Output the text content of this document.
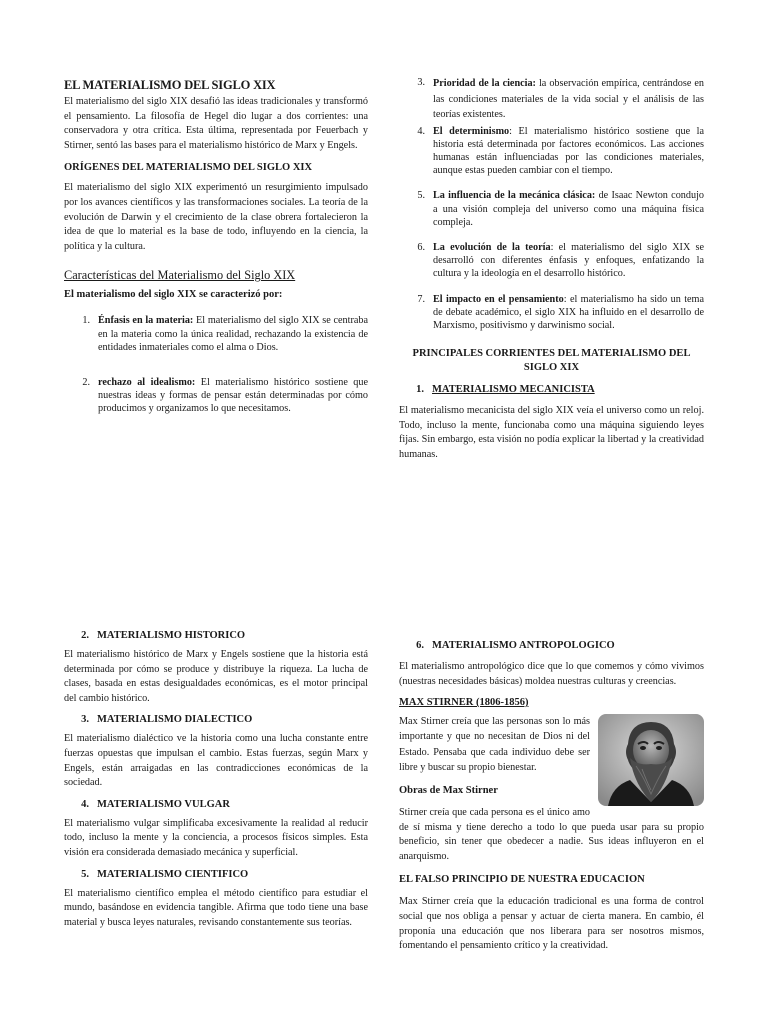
EL MATERIALISMO DEL SIGLO XIX

El materialismo del siglo XIX desafió las ideas tradicionales y transformó el pensamiento. La filosofía de Hegel dio lugar a dos corrientes: una conservadora y otra crítica. Esta última, representada por Feuerbach y Stirner, sentó las bases para el materialismo histórico de Marx y Engels.

ORÍGENES DEL MATERIALISMO DEL SIGLO XIX

El materialismo del siglo XIX experimentó un resurgimiento impulsado por los avances científicos y las transformaciones sociales. La teoría de la evolución de Darwin y el crecimiento de la clase obrera fortalecieron la idea de que lo material es la base de todo, influyendo en la ciencia, la política y la cultura.

Características del Materialismo del Siglo XIX
El materialismo del siglo XIX se caracterizó por:
1. Énfasis en la materia: El materialismo del siglo XIX se centraba en la materia como la única realidad, rechazando la existencia de entidades inmateriales como el alma o Dios.
2. rechazo al idealismo: El materialismo histórico sostiene que nuestras ideas y formas de pensar están determinadas por cómo producimos y organizamos lo que necesitamos.
3. Prioridad de la ciencia: la observación empírica, centrándose en las condiciones materiales de la vida social y el análisis de las teorías existentes.
4. El determinismo: El materialismo histórico sostiene que la historia está determinada por factores económicos. Las acciones humanas están influenciadas por las condiciones materiales, aunque estas pueden cambiar con el tiempo.
5. La influencia de la mecánica clásica: de Isaac Newton condujo a una visión compleja del universo como una máquina física compleja.
6. La evolución de la teoría: el materialismo del siglo XIX se desarrolló con diferentes énfasis y enfoques, enfatizando la cultura y la ideología en el desarrollo histórico.
7. El impacto en el pensamiento: el materialismo ha sido un tema de debate académico, el siglo XIX ha influido en el desarrollo de Marxismo, positivismo y darwinismo social.
PRINCIPALES CORRIENTES DEL MATERIALISMO DEL SIGLO XIX
1. MATERIALISMO MECANICISTA

El materialismo mecanicista del siglo XIX veía el universo como un reloj. Todo, incluso la mente, funcionaba como una máquina siguiendo leyes fijas. Sin embargo, esta visión no podía explicar la libertad y la creatividad humanas.

2. MATERIALISMO HISTORICO

El materialismo histórico de Marx y Engels sostiene que la historia está determinada por cómo se produce y distribuye la riqueza. La lucha de clases, basada en estas desigualdades económicas, es el motor principal del cambio histórico.

3. MATERIALISMO DIALECTICO

El materialismo dialéctico ve la historia como una lucha constante entre fuerzas opuestas que impulsan el cambio. Estas fuerzas, según Marx y Engels, están arraigadas en las contradicciones económicas de la sociedad.

4. MATERIALISMO VULGAR

El materialismo vulgar simplificaba excesivamente la realidad al reducir todo, incluso la mente y la conciencia, a procesos físicos simples. Esta visión era considerada demasiado mecánica y superficial.

5. MATERIALISMO CIENTIFICO

El materialismo científico emplea el método científico para estudiar el mundo, basándose en evidencia tangible. Afirma que todo tiene una base material y busca leyes naturales, revisando constantemente sus teorías.

6. MATERIALISMO ANTROPOLOGICO

El materialismo antropológico dice que lo que comemos y cómo vivimos (nuestras necesidades básicas) moldea nuestras culturas y creencias.

MAX STIRNER (1806-1856)

Max Stirner creía que las personas son lo más importante y que no necesitan de Dios ni del Estado. Pensaba que cada individuo debe ser libre y buscar su propio bienestar.

Obras de Max Stirner

Stirner creía que cada persona es el único amo de sí misma y tiene derecho a todo lo que pueda usar para su propio beneficio, sin tener que obedecer a nadie. Sus ideas influyeron en el anarquismo.

EL FALSO PRINCIPIO DE NUESTRA EDUCACION

Max Stirner creía que la educación tradicional es una forma de control social que nos obliga a pensar y actuar de cierta manera. En cambio, él proponía una educación que nos liberara para ser nosotros mismos, fomentando el pensamiento crítico y la creatividad.
